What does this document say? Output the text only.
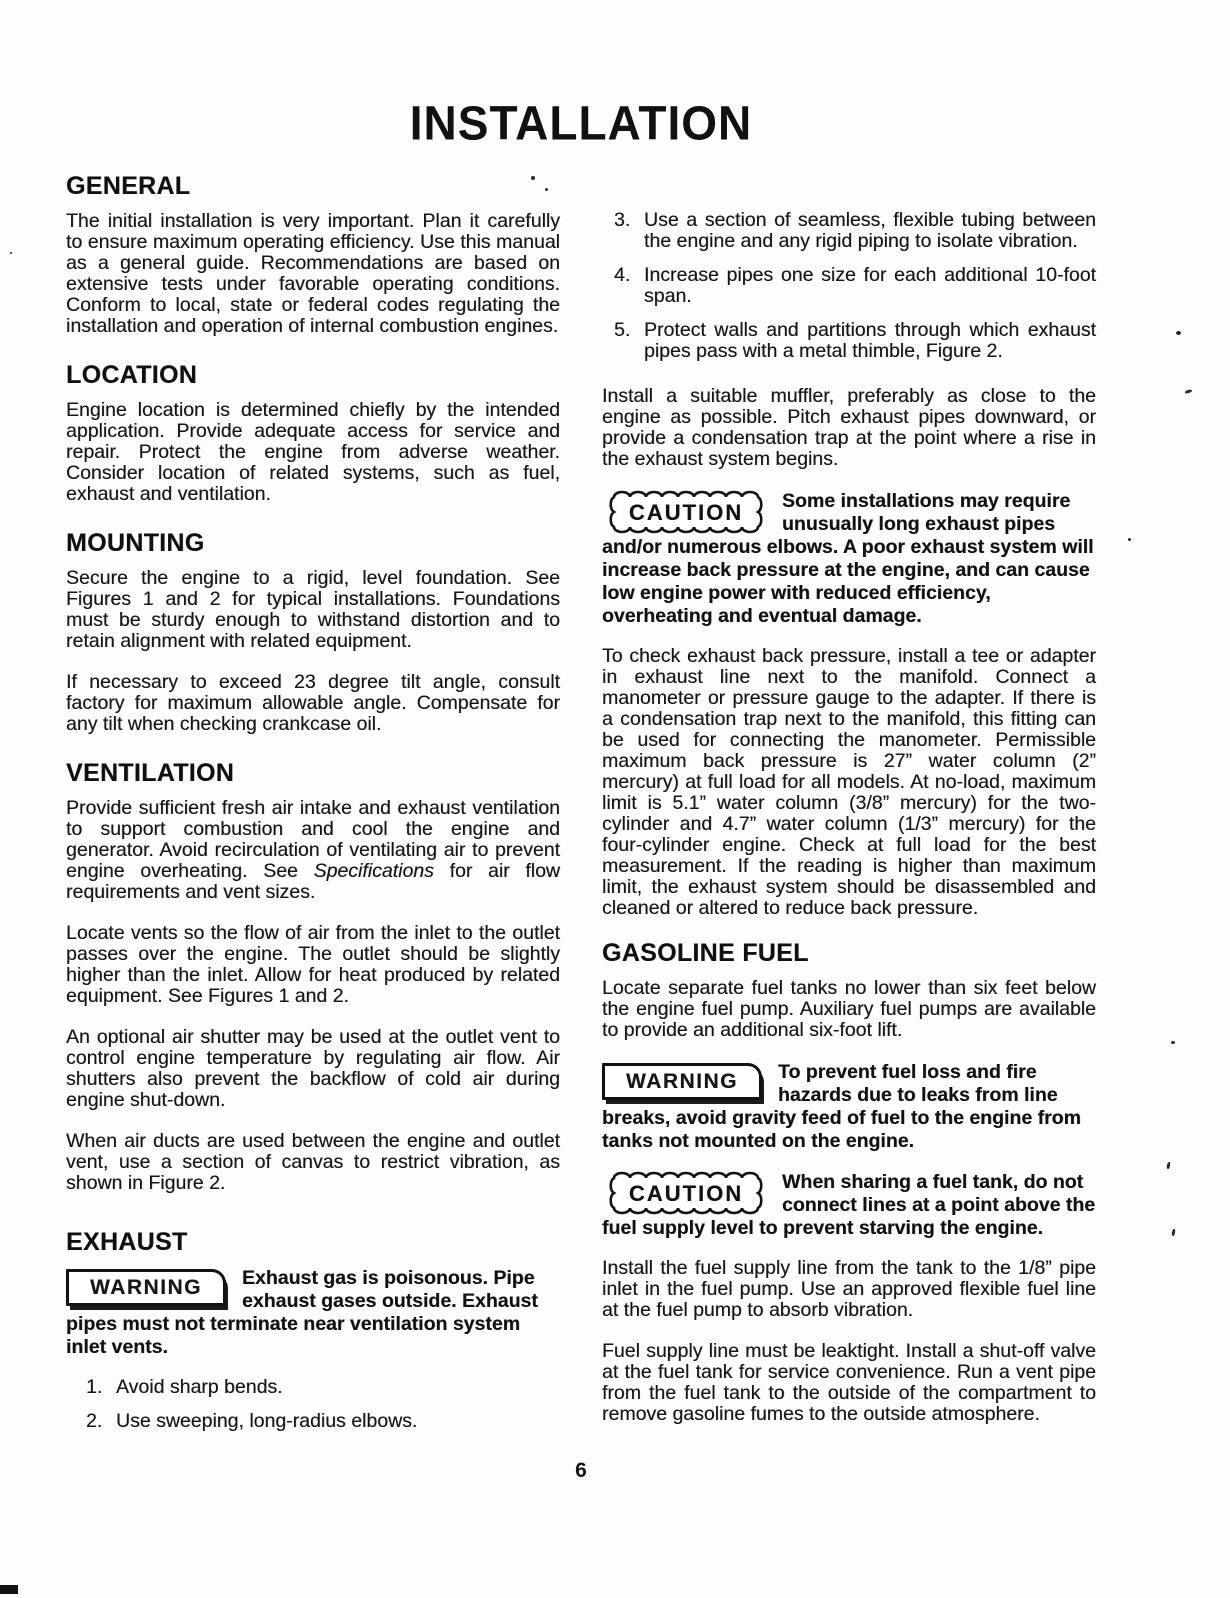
INSTALLATION
GENERAL

The initial installation is very important. Plan it carefully to ensure maximum operating efficiency. Use this manual as a general guide. Recommendations are based on extensive tests under favorable operating conditions. Conform to local, state or federal codes regulating the installation and operation of internal combustion engines.

LOCATION

Engine location is determined chiefly by the intended application. Provide adequate access for service and repair. Protect the engine from adverse weather. Consider location of related systems, such as fuel, exhaust and ventilation.

MOUNTING

Secure the engine to a rigid, level foundation. See Figures 1 and 2 for typical installations. Foundations must be sturdy enough to withstand distortion and to retain alignment with related equipment.

If necessary to exceed 23 degree tilt angle, consult factory for maximum allowable angle. Compensate for any tilt when checking crankcase oil.

VENTILATION

Provide sufficient fresh air intake and exhaust ventilation to support combustion and cool the engine and generator. Avoid recirculation of ventilating air to prevent engine overheating. See Specifications for air flow requirements and vent sizes.

Locate vents so the flow of air from the inlet to the outlet passes over the engine. The outlet should be slightly higher than the inlet. Allow for heat produced by related equipment. See Figures 1 and 2.

An optional air shutter may be used at the outlet vent to control engine temperature by regulating air flow. Air shutters also prevent the backflow of cold air during engine shut-down.

When air ducts are used between the engine and outlet vent, use a section of canvas to restrict vibration, as shown in Figure 2.

EXHAUST
WARNING	Exhaust gas is poisonous. Pipe exhaust gases outside. Exhaust pipes must not terminate near ventilation system inlet vents.
1. Avoid sharp bends.
2. Use sweeping, long-radius elbows.
3. Use a section of seamless, flexible tubing between the engine and any rigid piping to isolate vibration.
4. Increase pipes one size for each additional 10-foot span.
5. Protect walls and partitions through which exhaust pipes pass with a metal thimble, Figure 2.

Install a suitable muffler, preferably as close to the engine as possible. Pitch exhaust pipes downward, or provide a condensation trap at the point where a rise in the exhaust system begins.

CAUTION Some installations may require unusually long exhaust pipes and/or numerous elbows. A poor exhaust system will increase back pressure at the engine, and can cause low engine power with reduced efficiency, overheating and eventual damage.

To check exhaust back pressure, install a tee or adapter in exhaust line next to the manifold. Connect a manometer or pressure gauge to the adapter. If there is a condensation trap next to the manifold, this fitting can be used for connecting the manometer. Permissible maximum back pressure is 27” water column (2” mercury) at full load for all models. At no-load, maximum limit is 5.1” water column (3/8” mercury) for the two-cylinder and 4.7” water column (1/3” mercury) for the four-cylinder engine. Check at full load for the best measurement. If the reading is higher than maximum limit, the exhaust system should be disassembled and cleaned or altered to reduce back pressure.

GASOLINE FUEL

Locate separate fuel tanks no lower than six feet below the engine fuel pump. Auxiliary fuel pumps are available to provide an additional six-foot lift.

WARNING	To prevent fuel loss and fire hazards due to leaks from line breaks, avoid gravity feed of fuel to the engine from tanks not mounted on the engine.
CAUTION When sharing a fuel tank, do not connect lines at a point above the fuel supply level to prevent starving the engine.

Install the fuel supply line from the tank to the 1/8” pipe inlet in the fuel pump. Use an approved flexible fuel line at the fuel pump to absorb vibration.

Fuel supply line must be leaktight. Install a shut-off valve at the fuel tank for service convenience. Run a vent pipe from the fuel tank to the outside of the compartment to remove gasoline fumes to the outside atmosphere.

6
